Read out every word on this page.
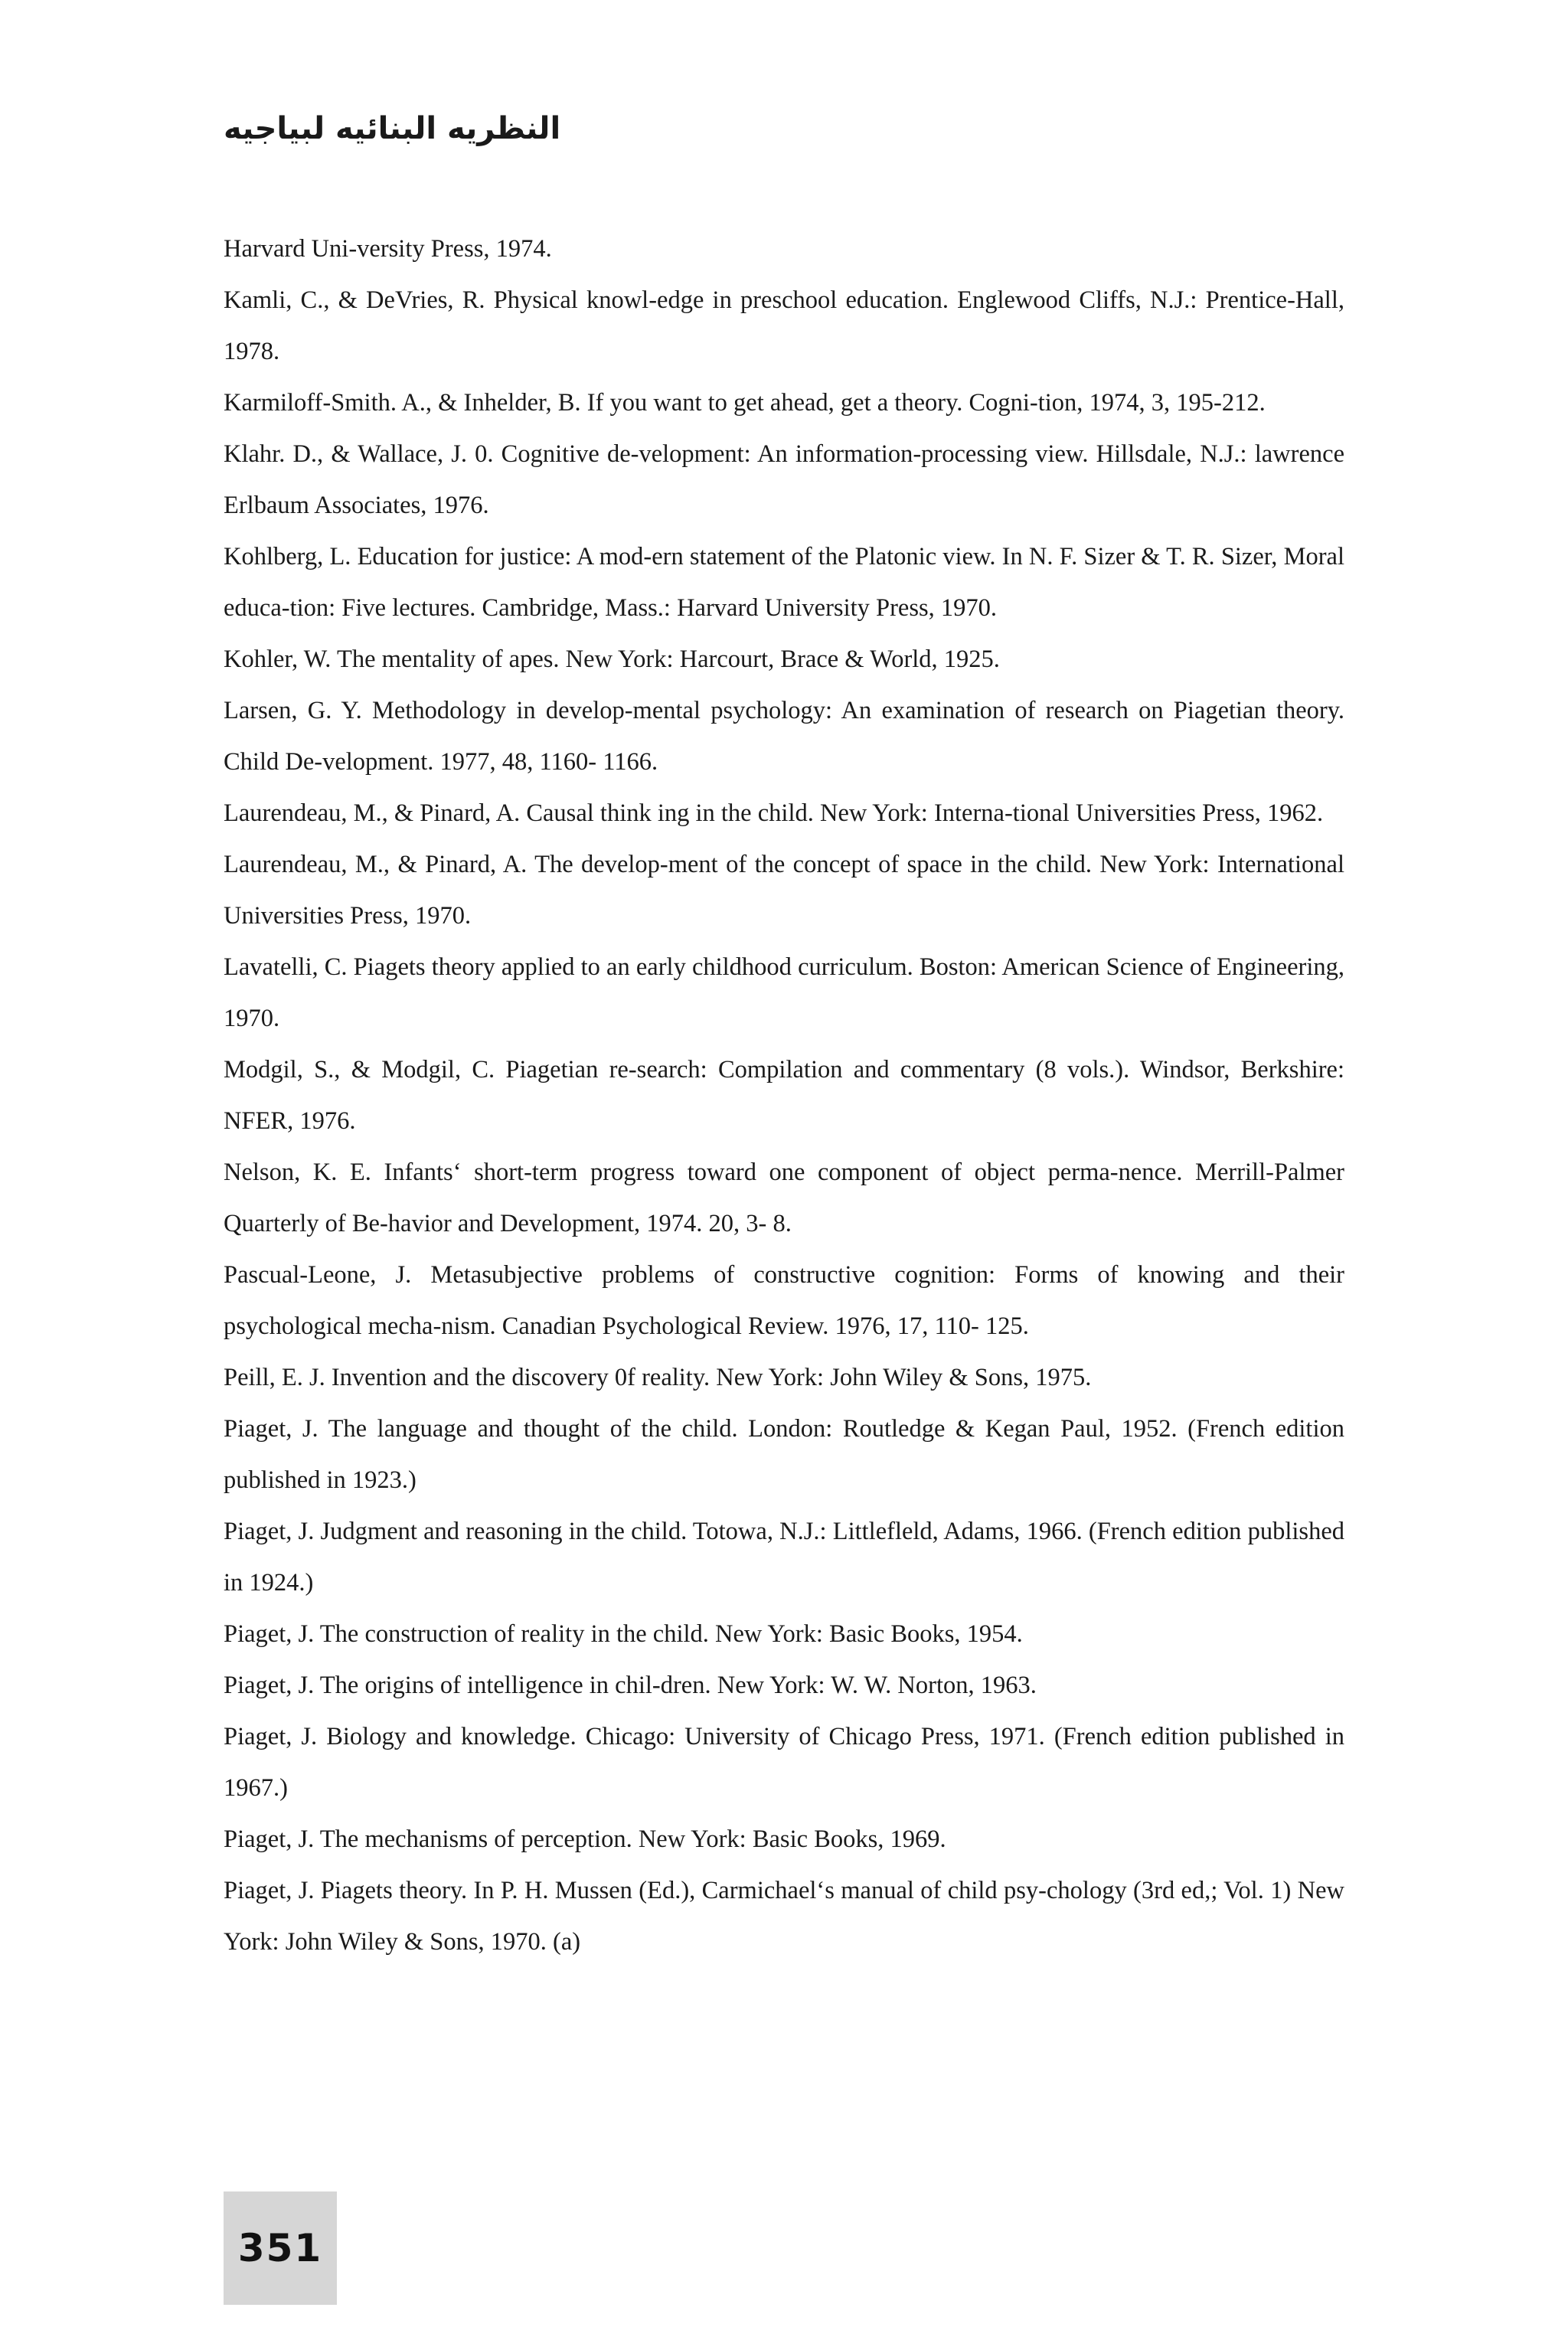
النظريه البنائيه لبياجيه
Harvard Uni-versity Press, 1974.
Kamli, C., & DeVries, R. Physical knowl-edge in preschool education. Englewood Cliffs, N.J.: Prentice-Hall, 1978.
Karmiloff-Smith. A., & Inhelder, B. If you want to get ahead, get a theory. Cogni-tion, 1974, 3, 195-212.
Klahr. D., & Wallace, J. 0. Cognitive de-velopment: An information-processing view. Hillsdale, N.J.: lawrence Erlbaum Associates, 1976.
Kohlberg, L. Education for justice: A mod-ern statement of the Platonic view. In N. F. Sizer & T. R. Sizer, Moral educa-tion: Five lectures. Cambridge, Mass.: Harvard University Press, 1970.
Kohler, W. The mentality of apes. New York: Harcourt, Brace & World, 1925.
Larsen, G. Y. Methodology in develop-mental psychology: An examination of research on Piagetian theory. Child De-velopment. 1977, 48, 1160- 1166.
Laurendeau, M., & Pinard, A. Causal think ing in the child. New York: Interna-tional Universities Press, 1962.
Laurendeau, M., & Pinard, A. The develop-ment of the concept of space in the child. New York: International Universities Press, 1970.
Lavatelli, C. Piagets theory applied to an early childhood curriculum. Boston: American Science of Engineering, 1970.
Modgil, S., & Modgil, C. Piagetian re-search: Compilation and commentary (8 vols.). Windsor, Berkshire: NFER, 1976.
Nelson, K. E. Infants‘ short-term progress toward one component of object perma-nence. Merrill-Palmer Quarterly of Be-havior and Development, 1974. 20, 3- 8.
Pascual-Leone, J. Metasubjective problems of constructive cognition: Forms of knowing and their psychological mecha-nism. Canadian Psychological Review. 1976, 17, 110- 125.
Peill, E. J. Invention and the discovery 0f reality. New York: John Wiley & Sons, 1975.
Piaget, J. The language and thought of the child. London: Routledge & Kegan Paul, 1952. (French edition published in 1923.)
Piaget, J. Judgment and reasoning in the child. Totowa, N.J.: Littlefleld, Adams, 1966. (French edition published in 1924.)
Piaget, J. The construction of reality in the child. New York: Basic Books, 1954.
Piaget, J. The origins of intelligence in chil-dren. New York: W. W. Norton, 1963.
Piaget, J. Biology and knowledge. Chicago: University of Chicago Press, 1971. (French edition published in 1967.)
Piaget, J. The mechanisms of perception. New York: Basic Books, 1969.
Piaget, J. Piagets theory. In P. H. Mussen (Ed.), Carmichael‘s manual of child psy-chology (3rd ed,; Vol. 1) New York: John Wiley & Sons, 1970. (a)
351
